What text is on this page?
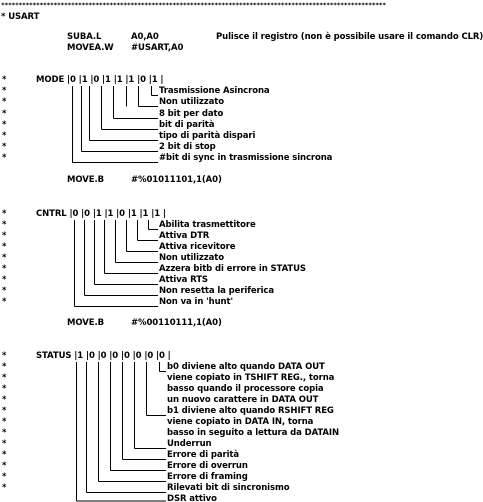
**************************************************************************************************************
* USART
SUBA.L	A0,A0	Pulisce il registro (non è possibile usare il comando CLR)
MOVEA.W #USART,A0
*
*
*
*
*
*
*
*
MODE |0 |1 |0 |1 |1 |1 |0 |1 |
Trasmissione Asincrona
Non utilizzato
8 bit per dato
bit di parità
tipo di parità dispari
2 bit di stop
#bit di sync in trasmissione sincrona
MOVE.B	#%01011101,1(A0)
*
*
*
*
*
*
*
*
*
CNTRL |0 |0 |1 |1 |0 |1 |1 |1 |
Abilita trasmettitore
Attiva DTR
Attiva ricevitore
Non utilizzato
Azzera bitb di errore in STATUS
Attiva RTS
Non resetta la periferica
Non va in 'hunt'
MOVE.B	#%00110111,1(A0)
*
*
*
*
*
*
*
*
*
*
*
*
*
STATUS |1 |0 |0 |0 |0 |0 |0 |0 |
b0 diviene alto quando DATA OUT
viene copiato in TSHIFT REG., torna
basso quando il processore copia
un nuovo carattere in DATA OUT
b1 diviene alto quando RSHIFT REG
viene copiato in DATA IN, torna
basso in seguito a lettura da DATAIN
Underrun
Errore di parità
Errore di overrun
Errore di framing
Rilevati bit di sincronismo
DSR attivo
